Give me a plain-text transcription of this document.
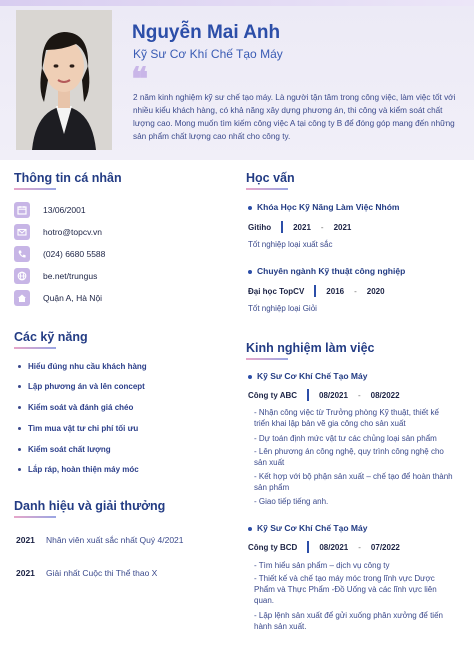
Nguyễn Mai Anh
Kỹ Sư Cơ Khí Chế Tạo Máy
❝
2 năm kinh nghiệm kỹ sư chế tạo máy. Là người tận tâm trong công việc, làm việc tốt với nhiều kiểu khách hàng, có khả năng xây dựng phương án, thi công và kiểm soát chất lượng cao. Mong muốn tìm kiếm công việc A tại công ty B để đóng góp mang đến những sản phẩm chất lượng cao nhất cho công ty.
Thông tin cá nhân
13/06/2001
hotro@topcv.vn
(024) 6680 5588
be.net/trungus
Quận A, Hà Nội
Các kỹ năng
Hiểu đúng nhu cầu khách hàng
Lập phương án và lên concept
Kiểm soát và đánh giá chéo
Tìm mua vật tư chi phí tối ưu
Kiểm soát chất lượng
Lắp ráp, hoàn thiện máy móc
Danh hiệu và giải thưởng
2021 Nhân viên xuất sắc nhất Quý 4/2021
2021 Giải nhất Cuộc thi Thể thao X
Học vấn
Khóa Học Kỹ Năng Làm Việc Nhóm
Gitiho	2021 - 2021
Tốt nghiệp loại xuất sắc
Chuyên ngành Kỹ thuật công nghiệp
Đại học TopCV	2016 - 2020
Tốt nghiệp loại Giỏi
Kinh nghiệm làm việc
Kỹ Sư Cơ Khí Chế Tạo Máy
Công ty ABC	08/2021 - 08/2022
- Nhận công việc từ Trưởng phòng Kỹ thuật, thiết kế triển khai lập bản vẽ gia công cho sản xuất
- Dự toán định mức vật tư các chủng loại sản phẩm
- Lên phương án công nghệ, quy trình công nghệ cho sản xuất
- Kết hợp với bộ phận sản xuất – chế tạo để hoàn thành sản phẩm
- Giao tiếp tiếng anh.
Kỹ Sư Cơ Khí Chế Tạo Máy
Công ty BCD	08/2021 - 07/2022
- Tìm hiểu sản phẩm – dịch vụ công ty
- Thiết kế và chế tạo máy móc trong lĩnh vực Dược Phẩm và Thực Phẩm -Đồ Uống và các lĩnh vực liên quan.
- Lập lệnh sản xuất để gửi xuống phân xưởng để tiến hành sản xuất.
